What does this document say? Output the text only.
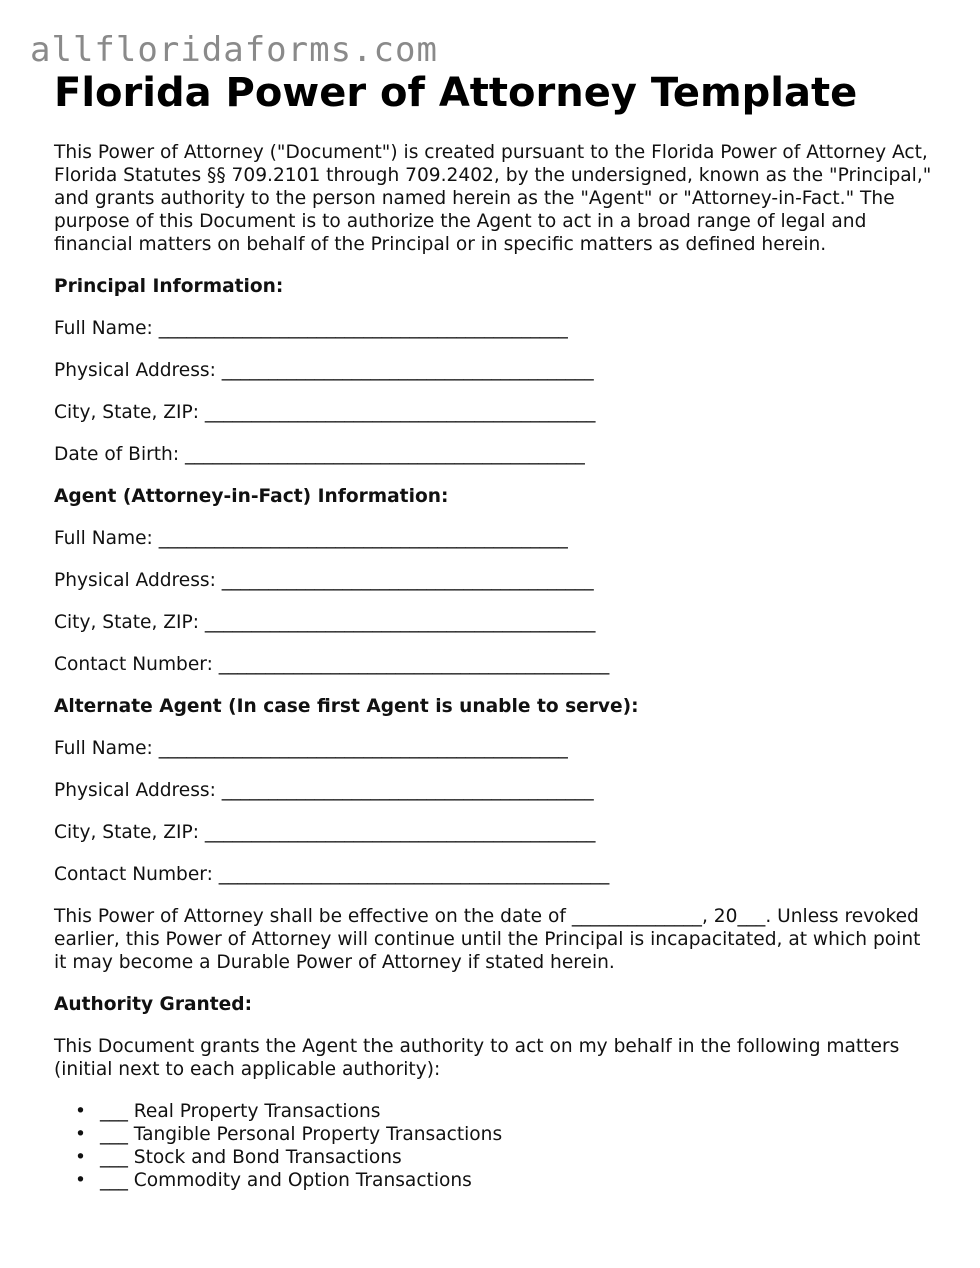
allfloridaforms.com
Florida Power of Attorney Template

This Power of Attorney ("Document") is created pursuant to the Florida Power of Attorney Act, Florida Statutes §§ 709.2101 through 709.2402, by the undersigned, known as the "Principal," and grants authority to the person named herein as the "Agent" or "Attorney-in-Fact." The purpose of this Document is to authorize the Agent to act in a broad range of legal and financial matters on behalf of the Principal or in specific matters as defined herein.

Principal Information:

Full Name: ____________________________________________

Physical Address: ________________________________________

City, State, ZIP: __________________________________________

Date of Birth: ___________________________________________

Agent (Attorney-in-Fact) Information:

Full Name: ____________________________________________

Physical Address: ________________________________________

City, State, ZIP: __________________________________________

Contact Number: __________________________________________

Alternate Agent (In case first Agent is unable to serve):

Full Name: ____________________________________________

Physical Address: ________________________________________

City, State, ZIP: __________________________________________

Contact Number: __________________________________________

This Power of Attorney shall be effective on the date of ______________, 20___. Unless revoked earlier, this Power of Attorney will continue until the Principal is incapacitated, at which point it may become a Durable Power of Attorney if stated herein.

Authority Granted:

This Document grants the Agent the authority to act on my behalf in the following matters (initial next to each applicable authority):

• ___ Real Property Transactions
• ___ Tangible Personal Property Transactions
• ___ Stock and Bond Transactions
• ___ Commodity and Option Transactions
